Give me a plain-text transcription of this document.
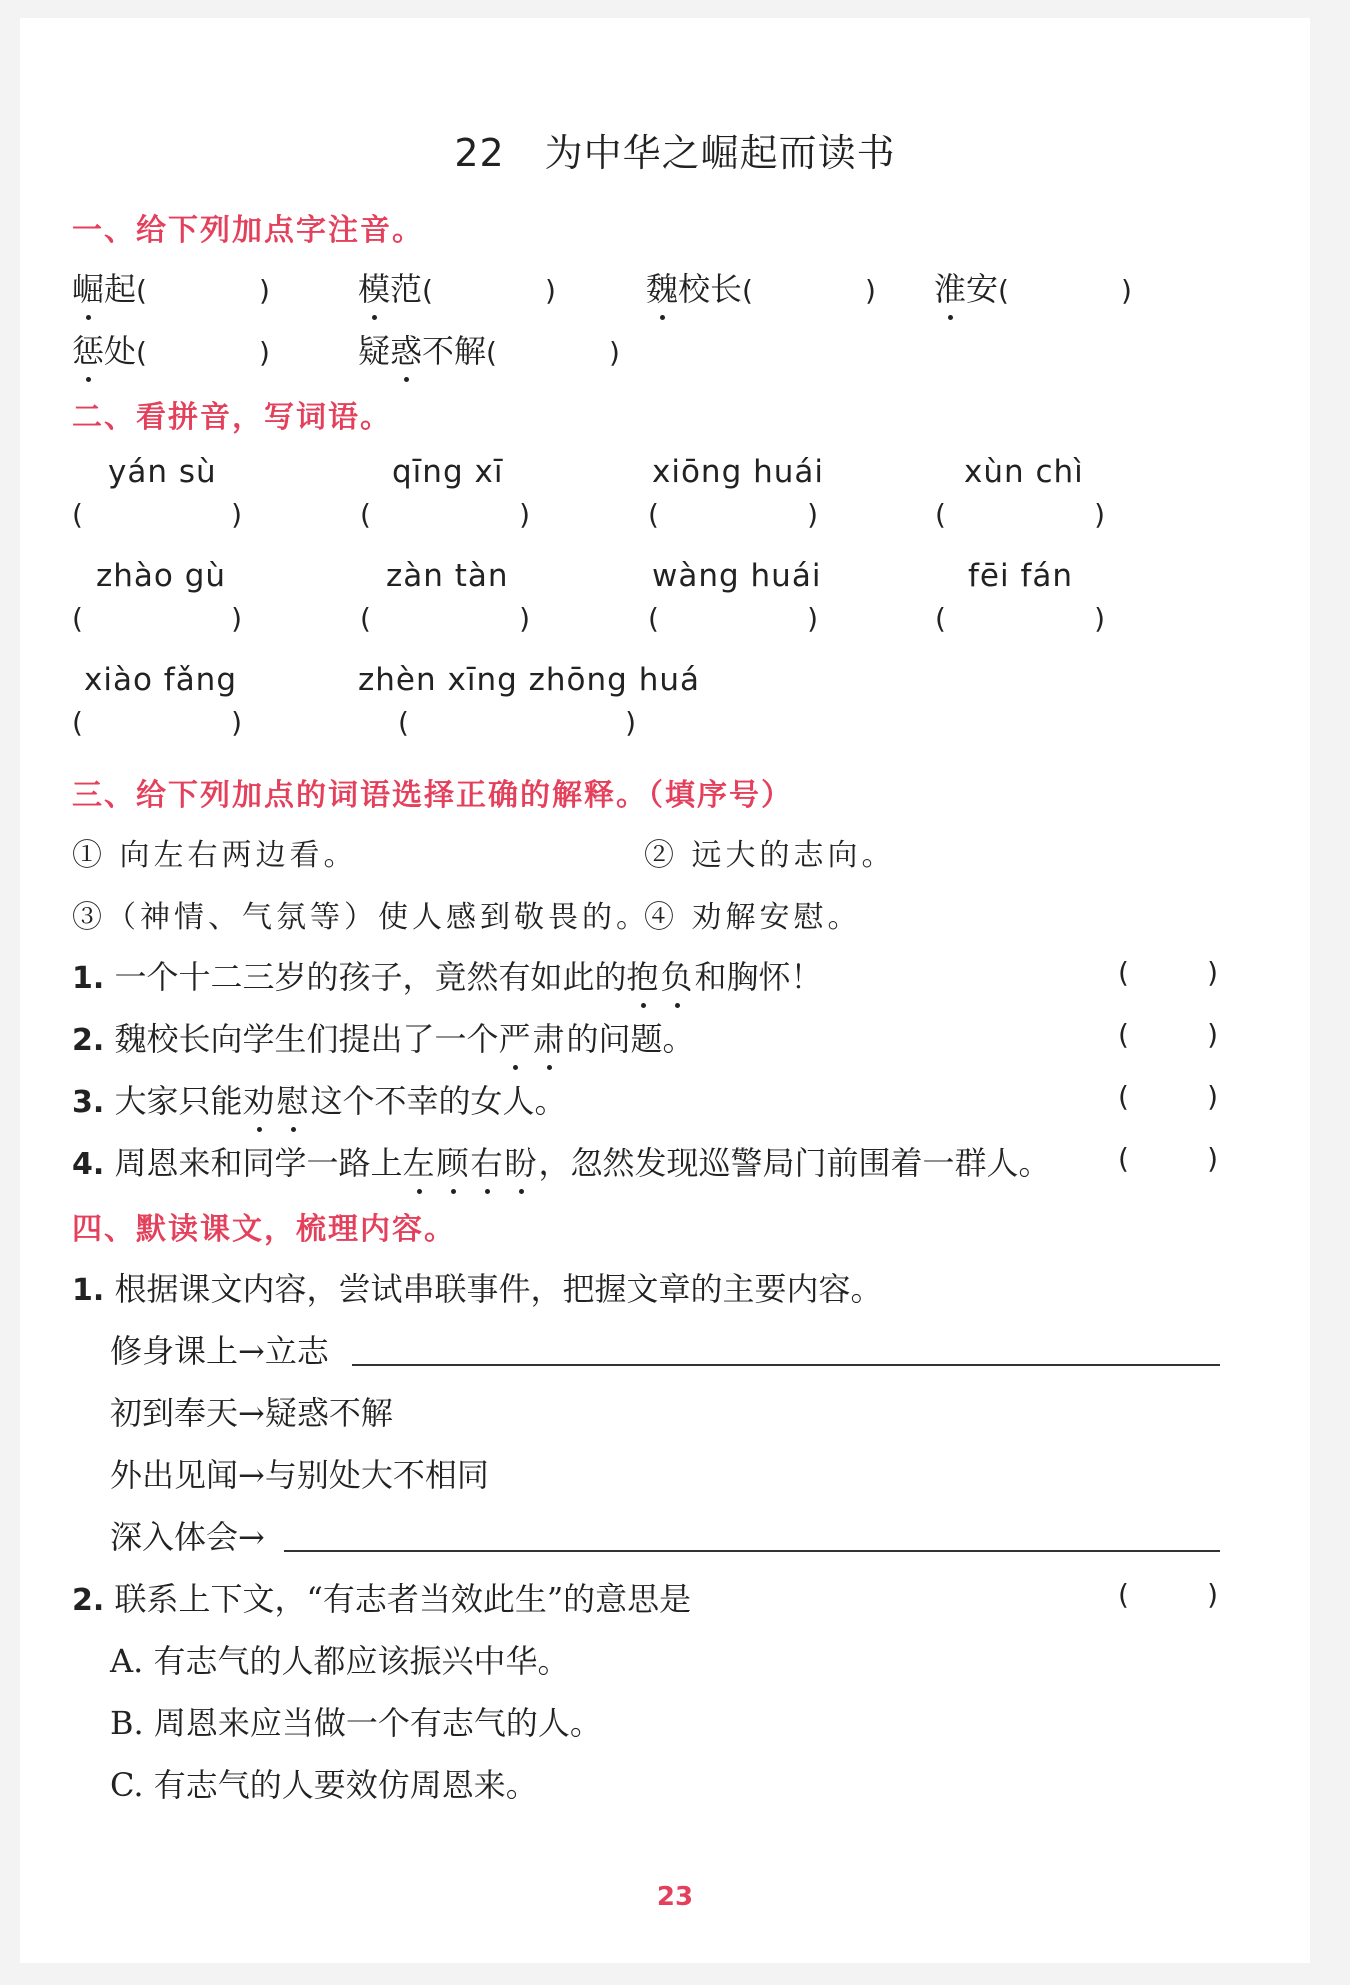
22 为中华之崛起而读书
一、给下列加点字注音。
崛起(　　　　)	模范(　　　　)	魏校长(　　　　) 淮安(　　　　)
惩处(　　　　)	疑惑不解(　　　　)
二、看拼音，写词语。
yán sù	qīng xī	xiōng huái	xùn chì
(	)	(	)	(	)	(	)
zhào gù	zàn tàn	wàng huái	fēi fán
(	)	(	)	(	)	(	)
xiào fǎng	zhèn xīng zhōng huá
(	)	(	)
三、给下列加点的词语选择正确的解释。（填序号）
① 向左右两边看。	② 远大的志向。
③（神情、气氛等）使人感到敬畏的。
④ 劝解安慰。
1. 一个十二三岁的孩子，竟然有如此的抱负和胸怀！	(	)
2. 魏校长向学生们提出了一个严肃的问题。	(	)
3. 大家只能劝慰这个不幸的女人。	(	)
4. 周恩来和同学一路上左顾右盼，忽然发现巡警局门前围着一群人。 (	)
四、默读课文，梳理内容。
1. 根据课文内容，尝试串联事件，把握文章的主要内容。
修身课上→立志
初到奉天→疑惑不解
外出见闻→与别处大不相同
深入体会→
2. 联系上下文，“有志者当效此生”的意思是	(	)
A. 有志气的人都应该振兴中华。
B. 周恩来应当做一个有志气的人。
C. 有志气的人要效仿周恩来。
23
